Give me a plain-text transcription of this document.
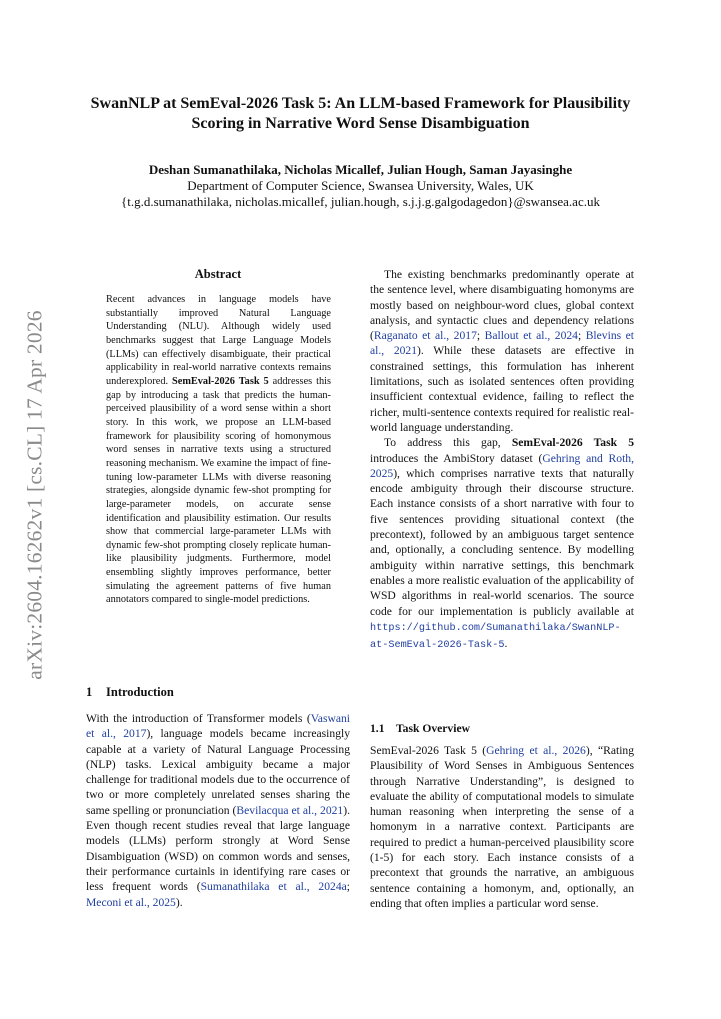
arXiv:2604.16262v1 [cs.CL] 17 Apr 2026
SwanNLP at SemEval-2026 Task 5: An LLM-based Framework for Plausibility Scoring in Narrative Word Sense Disambiguation
Deshan Sumanathilaka, Nicholas Micallef, Julian Hough, Saman Jayasinghe
Department of Computer Science, Swansea University, Wales, UK
{t.g.d.sumanathilaka, nicholas.micallef, julian.hough, s.j.j.g.galgodagedon}@swansea.ac.uk
Abstract

Recent advances in language models have substantially improved Natural Language Understanding (NLU). Although widely used benchmarks suggest that Large Language Models (LLMs) can effectively disambiguate, their practical applicability in real-world narrative contexts remains underexplored. SemEval-2026 Task 5 addresses this gap by introducing a task that predicts the human-perceived plausibility of a word sense within a short story. In this work, we propose an LLM-based framework for plausibility scoring of homonymous word senses in narrative texts using a structured reasoning mechanism. We examine the impact of fine-tuning low-parameter LLMs with diverse reasoning strategies, alongside dynamic few-shot prompting for large-parameter models, on accurate sense identification and plausibility estimation. Our results show that commercial large-parameter LLMs with dynamic few-shot prompting closely replicate human-like plausibility judgments. Furthermore, model ensembling slightly improves performance, better simulating the agreement patterns of five human annotators compared to single-model predictions.

1 Introduction

With the introduction of Transformer models (Vaswani et al., 2017), language models became increasingly capable at a variety of Natural Language Processing (NLP) tasks. Lexical ambiguity became a major challenge for traditional models due to the occurrence of two or more completely unrelated senses sharing the same spelling or pronunciation (Bevilacqua et al., 2021). Even though recent studies reveal that large language models (LLMs) perform strongly at Word Sense Disambiguation (WSD) on common words and senses, their performance curtainls in identifying rare cases or less frequent words (Sumanathilaka et al., 2024a; Meconi et al., 2025).

The existing benchmarks predominantly operate at the sentence level, where disambiguating homonyms are mostly based on neighbour-word clues, global context analysis, and syntactic clues and dependency relations (Raganato et al., 2017; Ballout et al., 2024; Blevins et al., 2021). While these datasets are effective in constrained settings, this formulation has inherent limitations, such as isolated sentences often providing insufficient contextual evidence, failing to reflect the richer, multi-sentence contexts required for realistic real-world language understanding.

To address this gap, SemEval-2026 Task 5 introduces the AmbiStory dataset (Gehring and Roth, 2025), which comprises narrative texts that naturally encode ambiguity through their discourse structure. Each instance consists of a short narrative with four to five sentences providing situational context (the precontext), followed by an ambiguous target sentence and, optionally, a concluding sentence. By modelling ambiguity within narrative settings, this benchmark enables a more realistic evaluation of the applicability of WSD algorithms in real-world scenarios. The source code for our implementation is publicly available at https://github.com/Sumanathilaka/SwanNLP-at-SemEval-2026-Task-5.

1.1 Task Overview

SemEval-2026 Task 5 (Gehring et al., 2026), “Rating Plausibility of Word Senses in Ambiguous Sentences through Narrative Understanding”, is designed to evaluate the ability of computational models to simulate human reasoning when interpreting the sense of a homonym in a narrative context. Participants are required to predict a human-perceived plausibility score (1-5) for each story. Each instance consists of a precontext that grounds the narrative, an ambiguous sentence containing a homonym, and, optionally, an ending that often implies a particular word sense.
